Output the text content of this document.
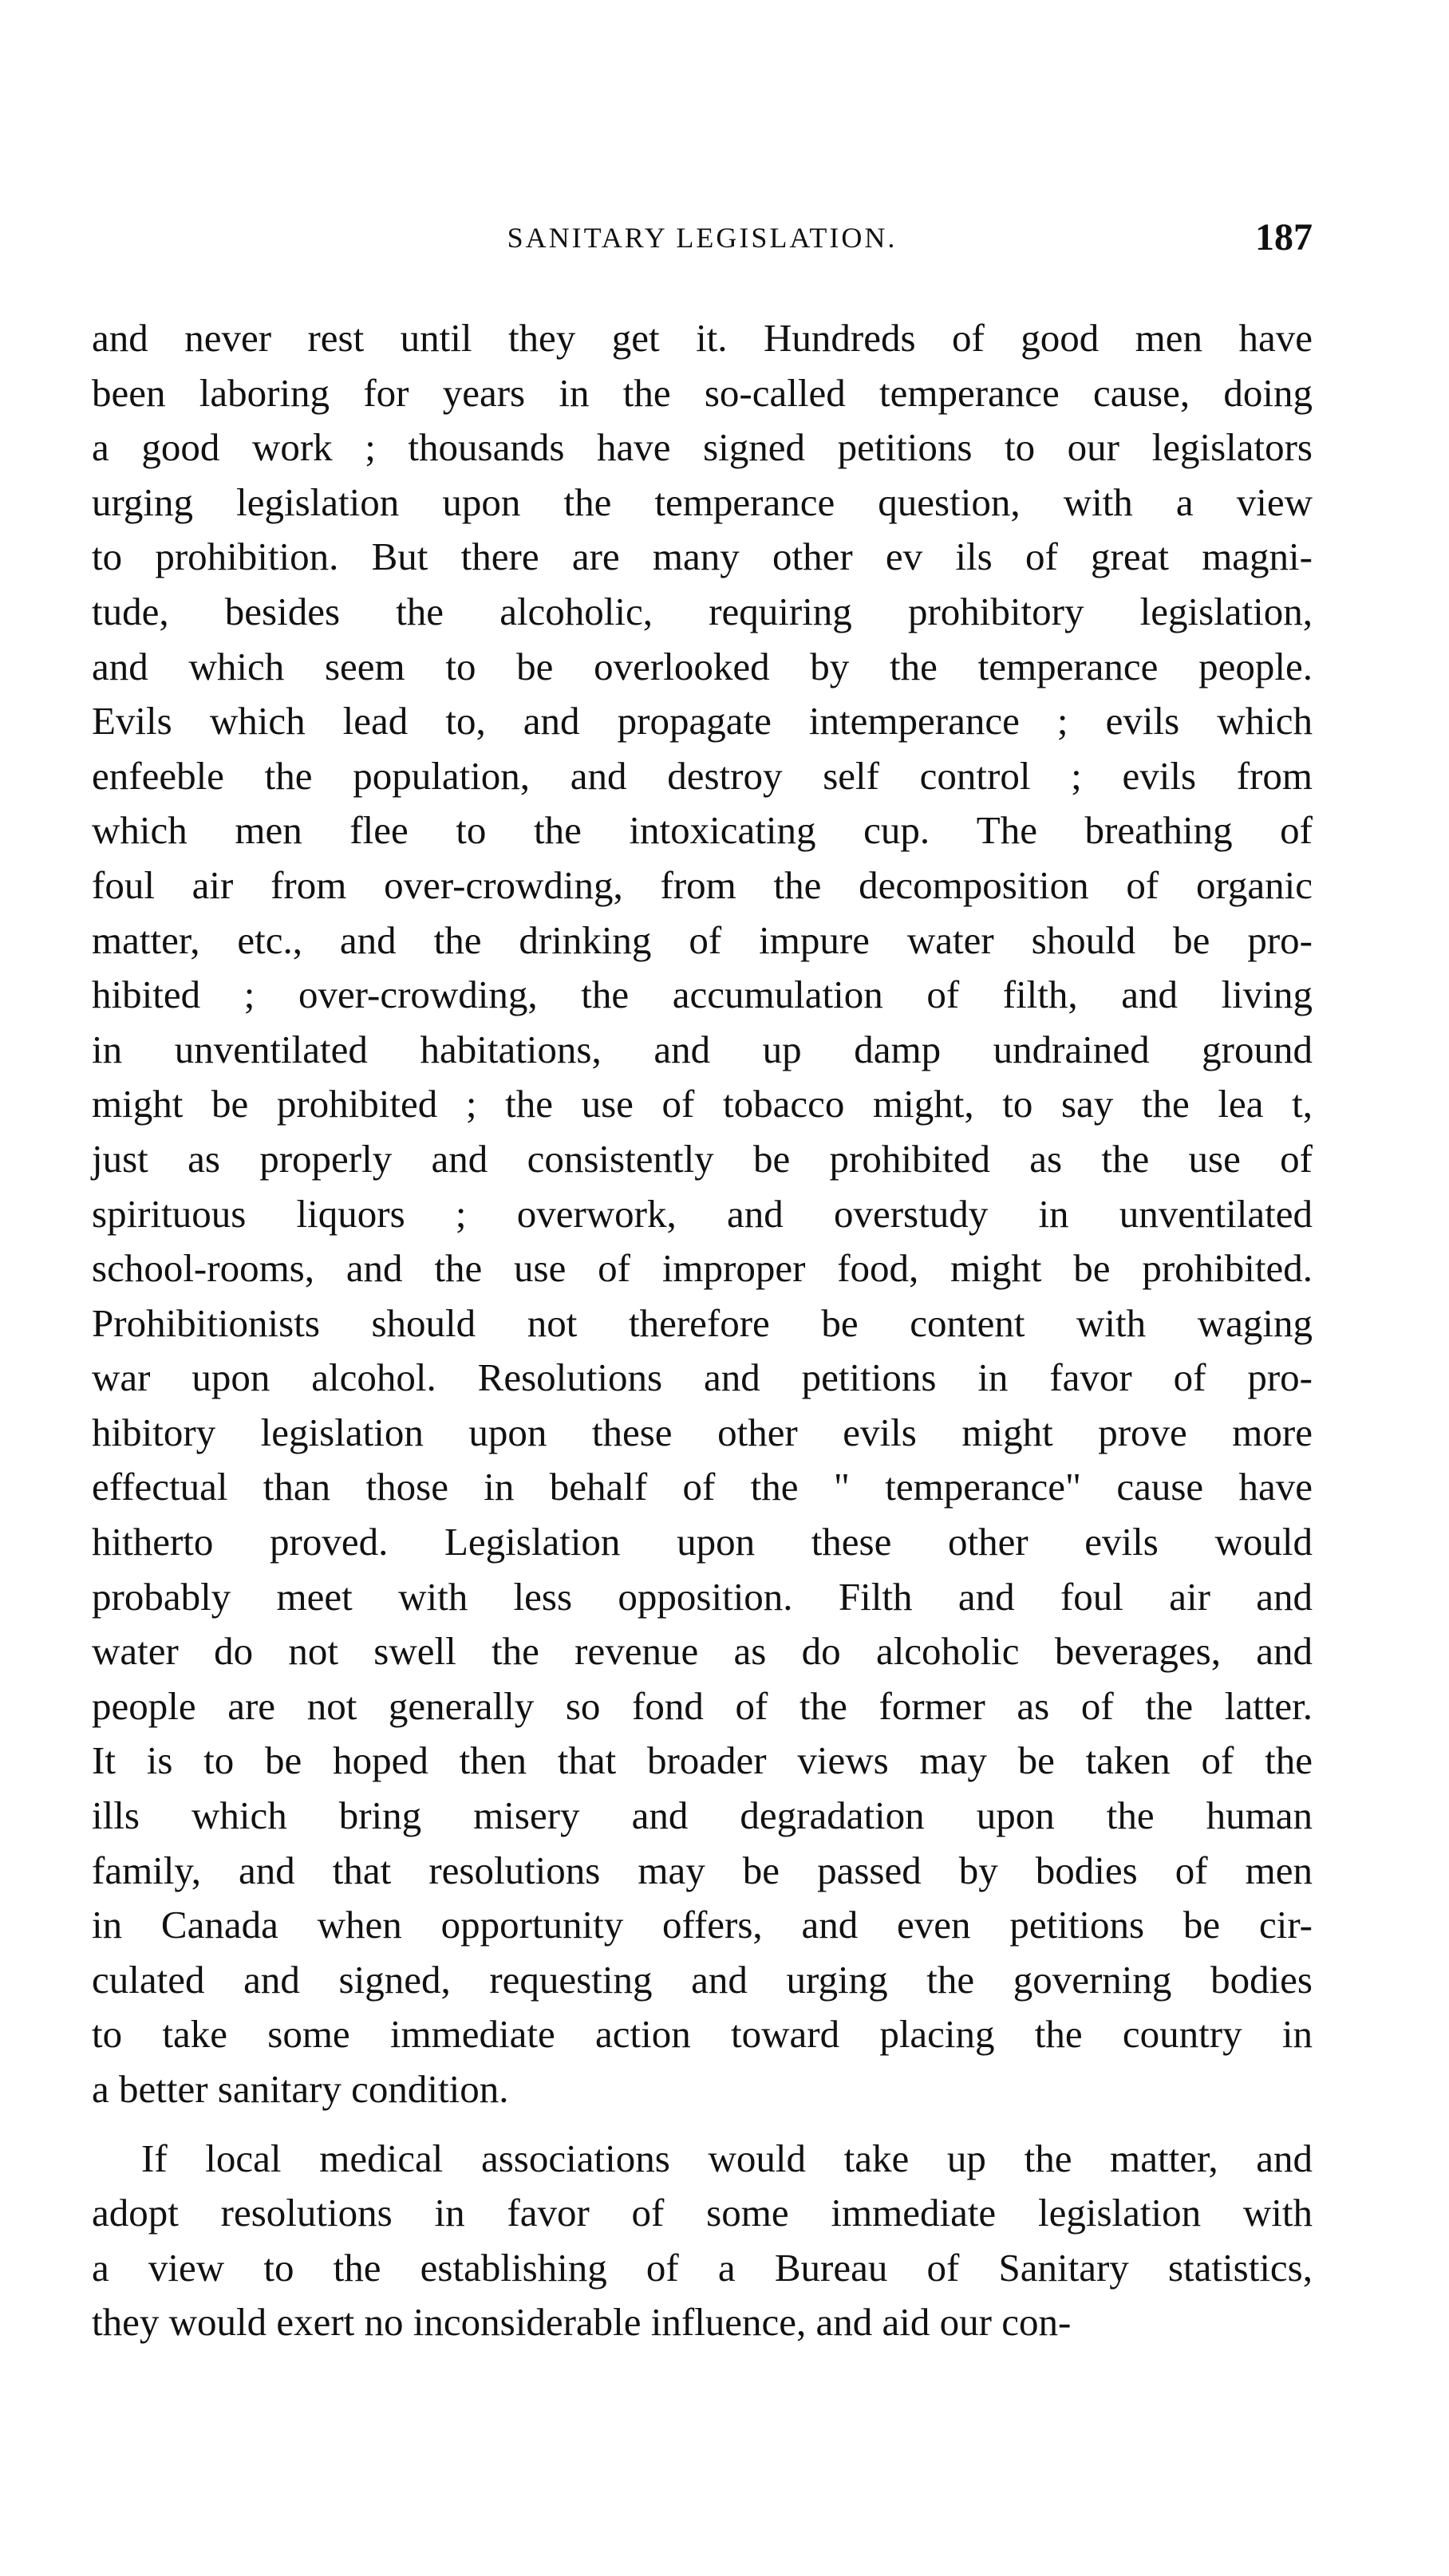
SANITARY LEGISLATION.	187
and never rest until they get it. Hundreds of good men have
been laboring for years in the so-called temperance cause, doing
a good work ; thousands have signed petitions to our legislators
urging legislation upon the temperance question, with a view
to prohibition. But there are many other ev ils of great magni-
tude, besides the alcoholic, requiring prohibitory legislation,
and which seem to be overlooked by the temperance people.
Evils which lead to, and propagate intemperance ; evils which
enfeeble the population, and destroy self control ; evils from
which men flee to the intoxicating cup. The breathing of
foul air from over-crowding, from the decomposition of organic
matter, etc., and the drinking of impure water should be pro-
hibited ; over-crowding, the accumulation of filth, and living
in unventilated habitations, and up damp undrained ground
might be prohibited ; the use of tobacco might, to say the lea t,
just as properly and consistently be prohibited as the use of
spirituous liquors ; overwork, and overstudy in unventilated
school-rooms, and the use of improper food, might be prohibited.
Prohibitionists should not therefore be content with waging
war upon alcohol. Resolutions and petitions in favor of pro-
hibitory legislation upon these other evils might prove more
effectual than those in behalf of the " temperance" cause have
hitherto proved. Legislation upon these other evils would
probably meet with less opposition. Filth and foul air and
water do not swell the revenue as do alcoholic beverages, and
people are not generally so fond of the former as of the latter.
It is to be hoped then that broader views may be taken of the
ills which bring misery and degradation upon the human
family, and that resolutions may be passed by bodies of men
in Canada when opportunity offers, and even petitions be cir-
culated and signed, requesting and urging the governing bodies
to take some immediate action toward placing the country in
a better sanitary condition.
If local medical associations would take up the matter, and
adopt resolutions in favor of some immediate legislation with
a view to the establishing of a Bureau of Sanitary statistics,
they would exert no inconsiderable influence, and aid our con-
